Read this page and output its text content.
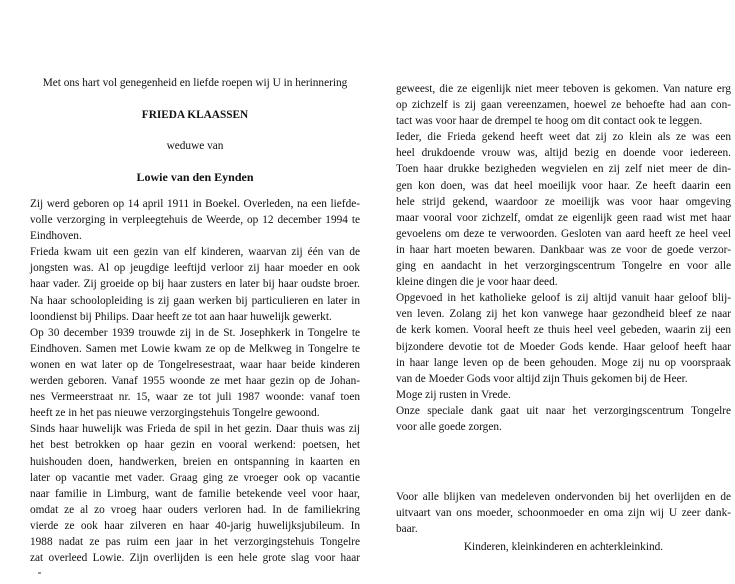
Met ons hart vol genegenheid en liefde roepen wij U in herinnering
FRIEDA KLAASSEN
weduwe van
Lowie van den Eynden
Zij werd geboren op 14 april 1911 in Boekel. Overleden, na een liefde-
volle verzorging in verpleegtehuis de Weerde, op 12 december 1994 te
Eindhoven.
Frieda kwam uit een gezin van elf kinderen, waarvan zij één van de
jongsten was. Al op jeugdige leeftijd verloor zij haar moeder en ook
haar vader. Zij groeide op bij haar zusters en later bij haar oudste broer.
Na haar schoolopleiding is zij gaan werken bij particulieren en later in
loondienst bij Philips. Daar heeft ze tot aan haar huwelijk gewerkt.
Op 30 december 1939 trouwde zij in de St. Josephkerk in Tongelre te
Eindhoven. Samen met Lowie kwam ze op de Melkweg in Tongelre te
wonen en wat later op de Tongelresestraat, waar haar beide kinderen
werden geboren. Vanaf 1955 woonde ze met haar gezin op de Johan-
nes Vermeerstraat nr. 15, waar ze tot juli 1987 woonde: vanaf toen
heeft ze in het pas nieuwe verzorgingstehuis Tongelre gewoond.
Sinds haar huwelijk was Frieda de spil in het gezin. Daar thuis was zij
het best betrokken op haar gezin en vooral werkend: poetsen, het
huishouden doen, handwerken, breien en ontspanning in kaarten en
later op vacantie met vader. Graag ging ze vroeger ook op vacantie
naar familie in Limburg, want de familie betekende veel voor haar,
omdat ze al zo vroeg haar ouders verloren had. In de familiekring
vierde ze ook haar zilveren en haar 40-jarig huwelijksjubileum. In
1988 nadat ze pas ruim een jaar in het verzorgingstehuis Tongelre
zat overleed Lowie. Zijn overlijden is een hele grote slag voor haar
geweest, die ze eigenlijk niet meer teboven is gekomen. Van nature erg
op zichzelf is zij gaan vereenzamen, hoewel ze behoefte had aan con-
tact was voor haar de drempel te hoog om dit contact ook te leggen.
Ieder, die Frieda gekend heeft weet dat zij zo klein als ze was een
heel drukdoende vrouw was, altijd bezig en doende voor iedereen.
Toen haar drukke bezigheden wegvielen en zij zelf niet meer de din-
gen kon doen, was dat heel moeilijk voor haar. Ze heeft daarin een
hele strijd gekend, waardoor ze moeilijk was voor haar omgeving
maar vooral voor zichzelf, omdat ze eigenlijk geen raad wist met haar
gevoelens om deze te verwoorden. Gesloten van aard heeft ze heel veel
in haar hart moeten bewaren. Dankbaar was ze voor de goede verzor-
ging en aandacht in het verzorgingscentrum Tongelre en voor alle
kleine dingen die je voor haar deed.
Opgevoed in het katholieke geloof is zij altijd vanuit haar geloof blij-
ven leven. Zolang zij het kon vanwege haar gezondheid bleef ze naar
de kerk komen. Vooral heeft ze thuis heel veel gebeden, waarin zij een
bijzondere devotie tot de Moeder Gods kende. Haar geloof heeft haar
in haar lange leven op de been gehouden. Moge zij nu op voorspraak
van de Moeder Gods voor altijd zijn Thuis gekomen bij de Heer.
Moge zij rusten in Vrede.
Onze speciale dank gaat uit naar het verzorgingscentrum Tongelre
voor alle goede zorgen.
Voor alle blijken van medeleven ondervonden bij het overlijden en de
uitvaart van ons moeder, schoonmoeder en oma zijn wij U zeer dank-
baar.
Kinderen, kleinkinderen en achterkleinkind.
